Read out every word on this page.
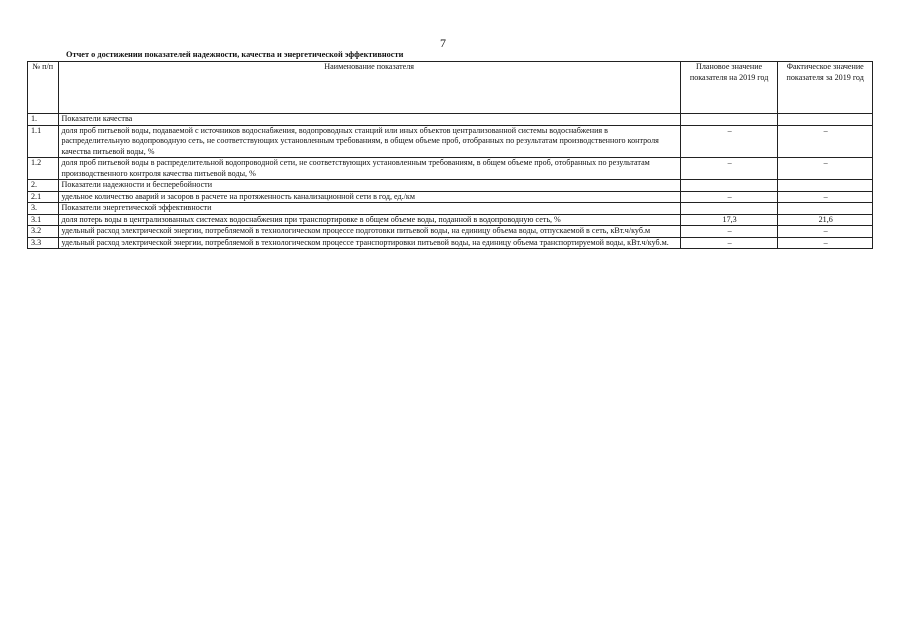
7
Отчет о достижении показателей надежности, качества и энергетической эффективности
№ п/п	Наименование показателя	Плановое значение показателя на 2019 год	Фактическое значение показателя за 2019 год
1.	Показатели качества		
1.1	доля проб питьевой воды, подаваемой с источников водоснабжения, водопроводных станций или иных объектов централизованной системы водоснабжения в распределительную водопроводную сеть, не соответствующих установленным требованиям, в общем объеме проб, отобранных по результатам производственного контроля качества питьевой воды, %	–	–
1.2	доля проб питьевой воды в распределительной водопроводной сети, не соответствующих установленным требованиям, в общем объеме проб, отобранных по результатам производственного контроля качества питьевой воды, %	–	–
2.	Показатели надежности и бесперебойности		
2.1	удельное количество аварий и засоров в расчете на протяженность канализационной сети в год, ед./км	–	–
3.	Показатели энергетической эффективности		
3.1	доля потерь воды в централизованных системах водоснабжения при транспортировке в общем объеме воды, поданной в водопроводную сеть, %	17,3	21,6
3.2	удельный расход электрической энергии, потребляемой в технологическом процессе подготовки питьевой воды, на единицу объема воды, отпускаемой в сеть, кВт.ч/куб.м	–	–
3.3	удельный расход электрической энергии, потребляемой в технологическом процессе транспортировки питьевой воды, на единицу объема транспортируемой воды, кВт.ч/куб.м.	–	–
